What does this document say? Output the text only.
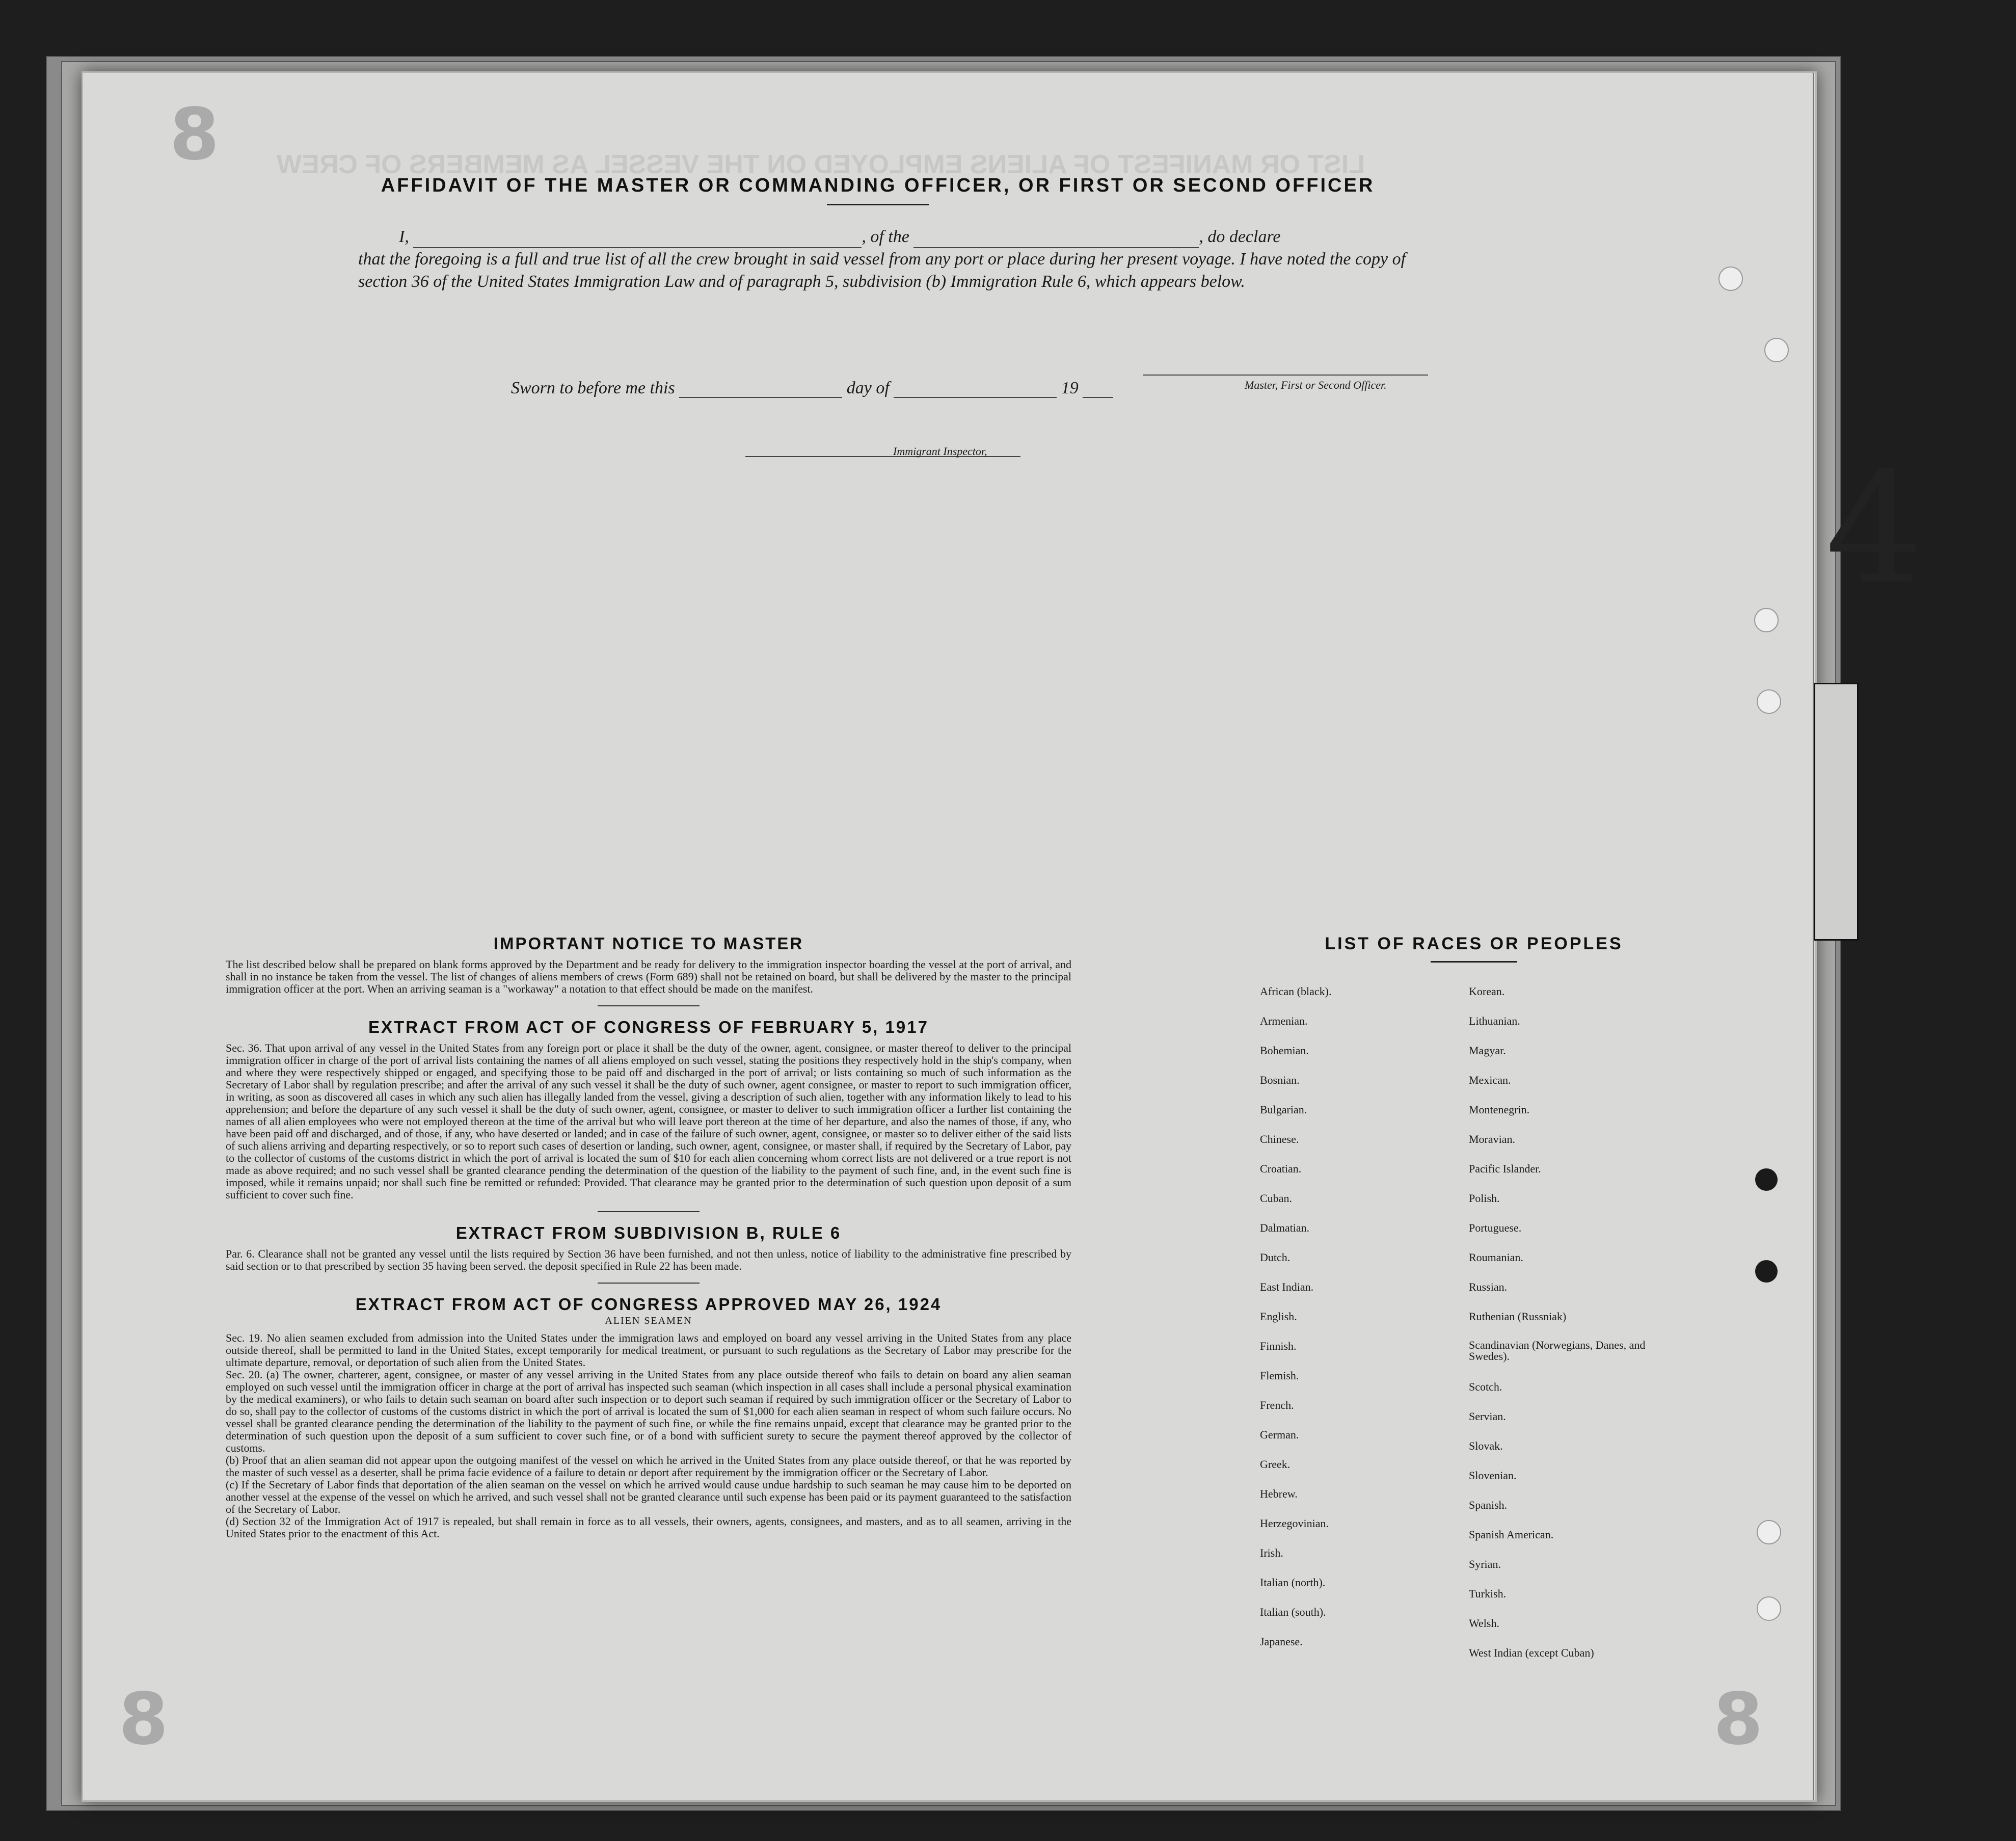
LIST OR MANIFEST OF ALIENS EMPLOYED ON THE VESSEL AS MEMBERS OF CREW
8
8	8
4
AFFIDAVIT OF THE MASTER OR COMMANDING OFFICER, OR FIRST OR SECOND OFFICER
I,	, of the	, do declare
that the foregoing is a full and true list of all the crew brought in said vessel from any port or place during her present voyage. I have noted the copy of section 36 of the United States Immigration Law and of paragraph 5, subdivision (b) Immigration Rule 6, which appears below.
Master, First or Second Officer.
Sworn to before me this	day of	19
Immigrant Inspector,
IMPORTANT NOTICE TO MASTER
The list described below shall be prepared on blank forms approved by the Department and be ready for delivery to the immigration inspector boarding the vessel at the port of arrival, and shall in no instance be taken from the vessel. The list of changes of aliens members of crews (Form 689) shall not be retained on board, but shall be delivered by the master to the principal immigration officer at the port. When an arriving seaman is a "workaway" a notation to that effect should be made on the manifest.
EXTRACT FROM ACT OF CONGRESS OF FEBRUARY 5, 1917
Sec. 36. That upon arrival of any vessel in the United States from any foreign port or place it shall be the duty of the owner, agent, consignee, or master thereof to deliver to the principal immigration officer in charge of the port of arrival lists containing the names of all aliens employed on such vessel, stating the positions they respectively hold in the ship's company, when and where they were respectively shipped or engaged, and specifying those to be paid off and discharged in the port of arrival; or lists containing so much of such information as the Secretary of Labor shall by regulation prescribe; and after the arrival of any such vessel it shall be the duty of such owner, agent consignee, or master to report to such immigration officer, in writing, as soon as discovered all cases in which any such alien has illegally landed from the vessel, giving a description of such alien, together with any information likely to lead to his apprehension; and before the departure of any such vessel it shall be the duty of such owner, agent, consignee, or master to deliver to such immigration officer a further list containing the names of all alien employees who were not employed thereon at the time of the arrival but who will leave port thereon at the time of her departure, and also the names of those, if any, who have been paid off and discharged, and of those, if any, who have deserted or landed; and in case of the failure of such owner, agent, consignee, or master so to deliver either of the said lists of such aliens arriving and departing respectively, or so to report such cases of desertion or landing, such owner, agent, consignee, or master shall, if required by the Secretary of Labor, pay to the collector of customs of the customs district in which the port of arrival is located the sum of $10 for each alien concerning whom correct lists are not delivered or a true report is not made as above required; and no such vessel shall be granted clearance pending the determination of the question of the liability to the payment of such fine, and, in the event such fine is imposed, while it remains unpaid; nor shall such fine be remitted or refunded: Provided. That clearance may be granted prior to the determination of such question upon deposit of a sum sufficient to cover such fine.
EXTRACT FROM SUBDIVISION B, RULE 6
Par. 6. Clearance shall not be granted any vessel until the lists required by Section 36 have been furnished, and not then unless, notice of liability to the administrative fine prescribed by said section or to that prescribed by section 35 having been served. the deposit specified in Rule 22 has been made.
EXTRACT FROM ACT OF CONGRESS APPROVED MAY 26, 1924
ALIEN SEAMEN
Sec. 19. No alien seamen excluded from admission into the United States under the immigration laws and employed on board any vessel arriving in the United States from any place outside thereof, shall be permitted to land in the United States, except temporarily for medical treatment, or pursuant to such regulations as the Secretary of Labor may prescribe for the ultimate departure, removal, or deportation of such alien from the United States.
Sec. 20. (a) The owner, charterer, agent, consignee, or master of any vessel arriving in the United States from any place outside thereof who fails to detain on board any alien seaman employed on such vessel until the immigration officer in charge at the port of arrival has inspected such seaman (which inspection in all cases shall include a personal physical examination by the medical examiners), or who fails to detain such seaman on board after such inspection or to deport such seaman if required by such immigration officer or the Secretary of Labor to do so, shall pay to the collector of customs of the customs district in which the port of arrival is located the sum of $1,000 for each alien seaman in respect of whom such failure occurs. No vessel shall be granted clearance pending the determination of the liability to the payment of such fine, or while the fine remains unpaid, except that clearance may be granted prior to the determination of such question upon the deposit of a sum sufficient to cover such fine, or of a bond with sufficient surety to secure the payment thereof approved by the collector of customs.
(b) Proof that an alien seaman did not appear upon the outgoing manifest of the vessel on which he arrived in the United States from any place outside thereof, or that he was reported by the master of such vessel as a deserter, shall be prima facie evidence of a failure to detain or deport after requirement by the immigration officer or the Secretary of Labor.
(c) If the Secretary of Labor finds that deportation of the alien seaman on the vessel on which he arrived would cause undue hardship to such seaman he may cause him to be deported on another vessel at the expense of the vessel on which he arrived, and such vessel shall not be granted clearance until such expense has been paid or its payment guaranteed to the satisfaction of the Secretary of Labor.
(d) Section 32 of the Immigration Act of 1917 is repealed, but shall remain in force as to all vessels, their owners, agents, consignees, and masters, and as to all seamen, arriving in the United States prior to the enactment of this Act.
LIST OF RACES OR PEOPLES
African (black).
Armenian.
Bohemian.
Bosnian.
Bulgarian.
Chinese.
Croatian.
Cuban.
Dalmatian.
Dutch.
East Indian.
English.
Finnish.
Flemish.
French.
German.
Greek.
Hebrew.
Herzegovinian.
Irish.
Italian (north).
Italian (south).
Japanese.
Korean.
Lithuanian.
Magyar.
Mexican.
Montenegrin.
Moravian.
Pacific Islander.
Polish.
Portuguese.
Roumanian.
Russian.
Ruthenian (Russniak)
Scandinavian (Norwegians, Danes, and Swedes).
Scotch.
Servian.
Slovak.
Slovenian.
Spanish.
Spanish American.
Syrian.
Turkish.
Welsh.
West Indian (except Cuban)
